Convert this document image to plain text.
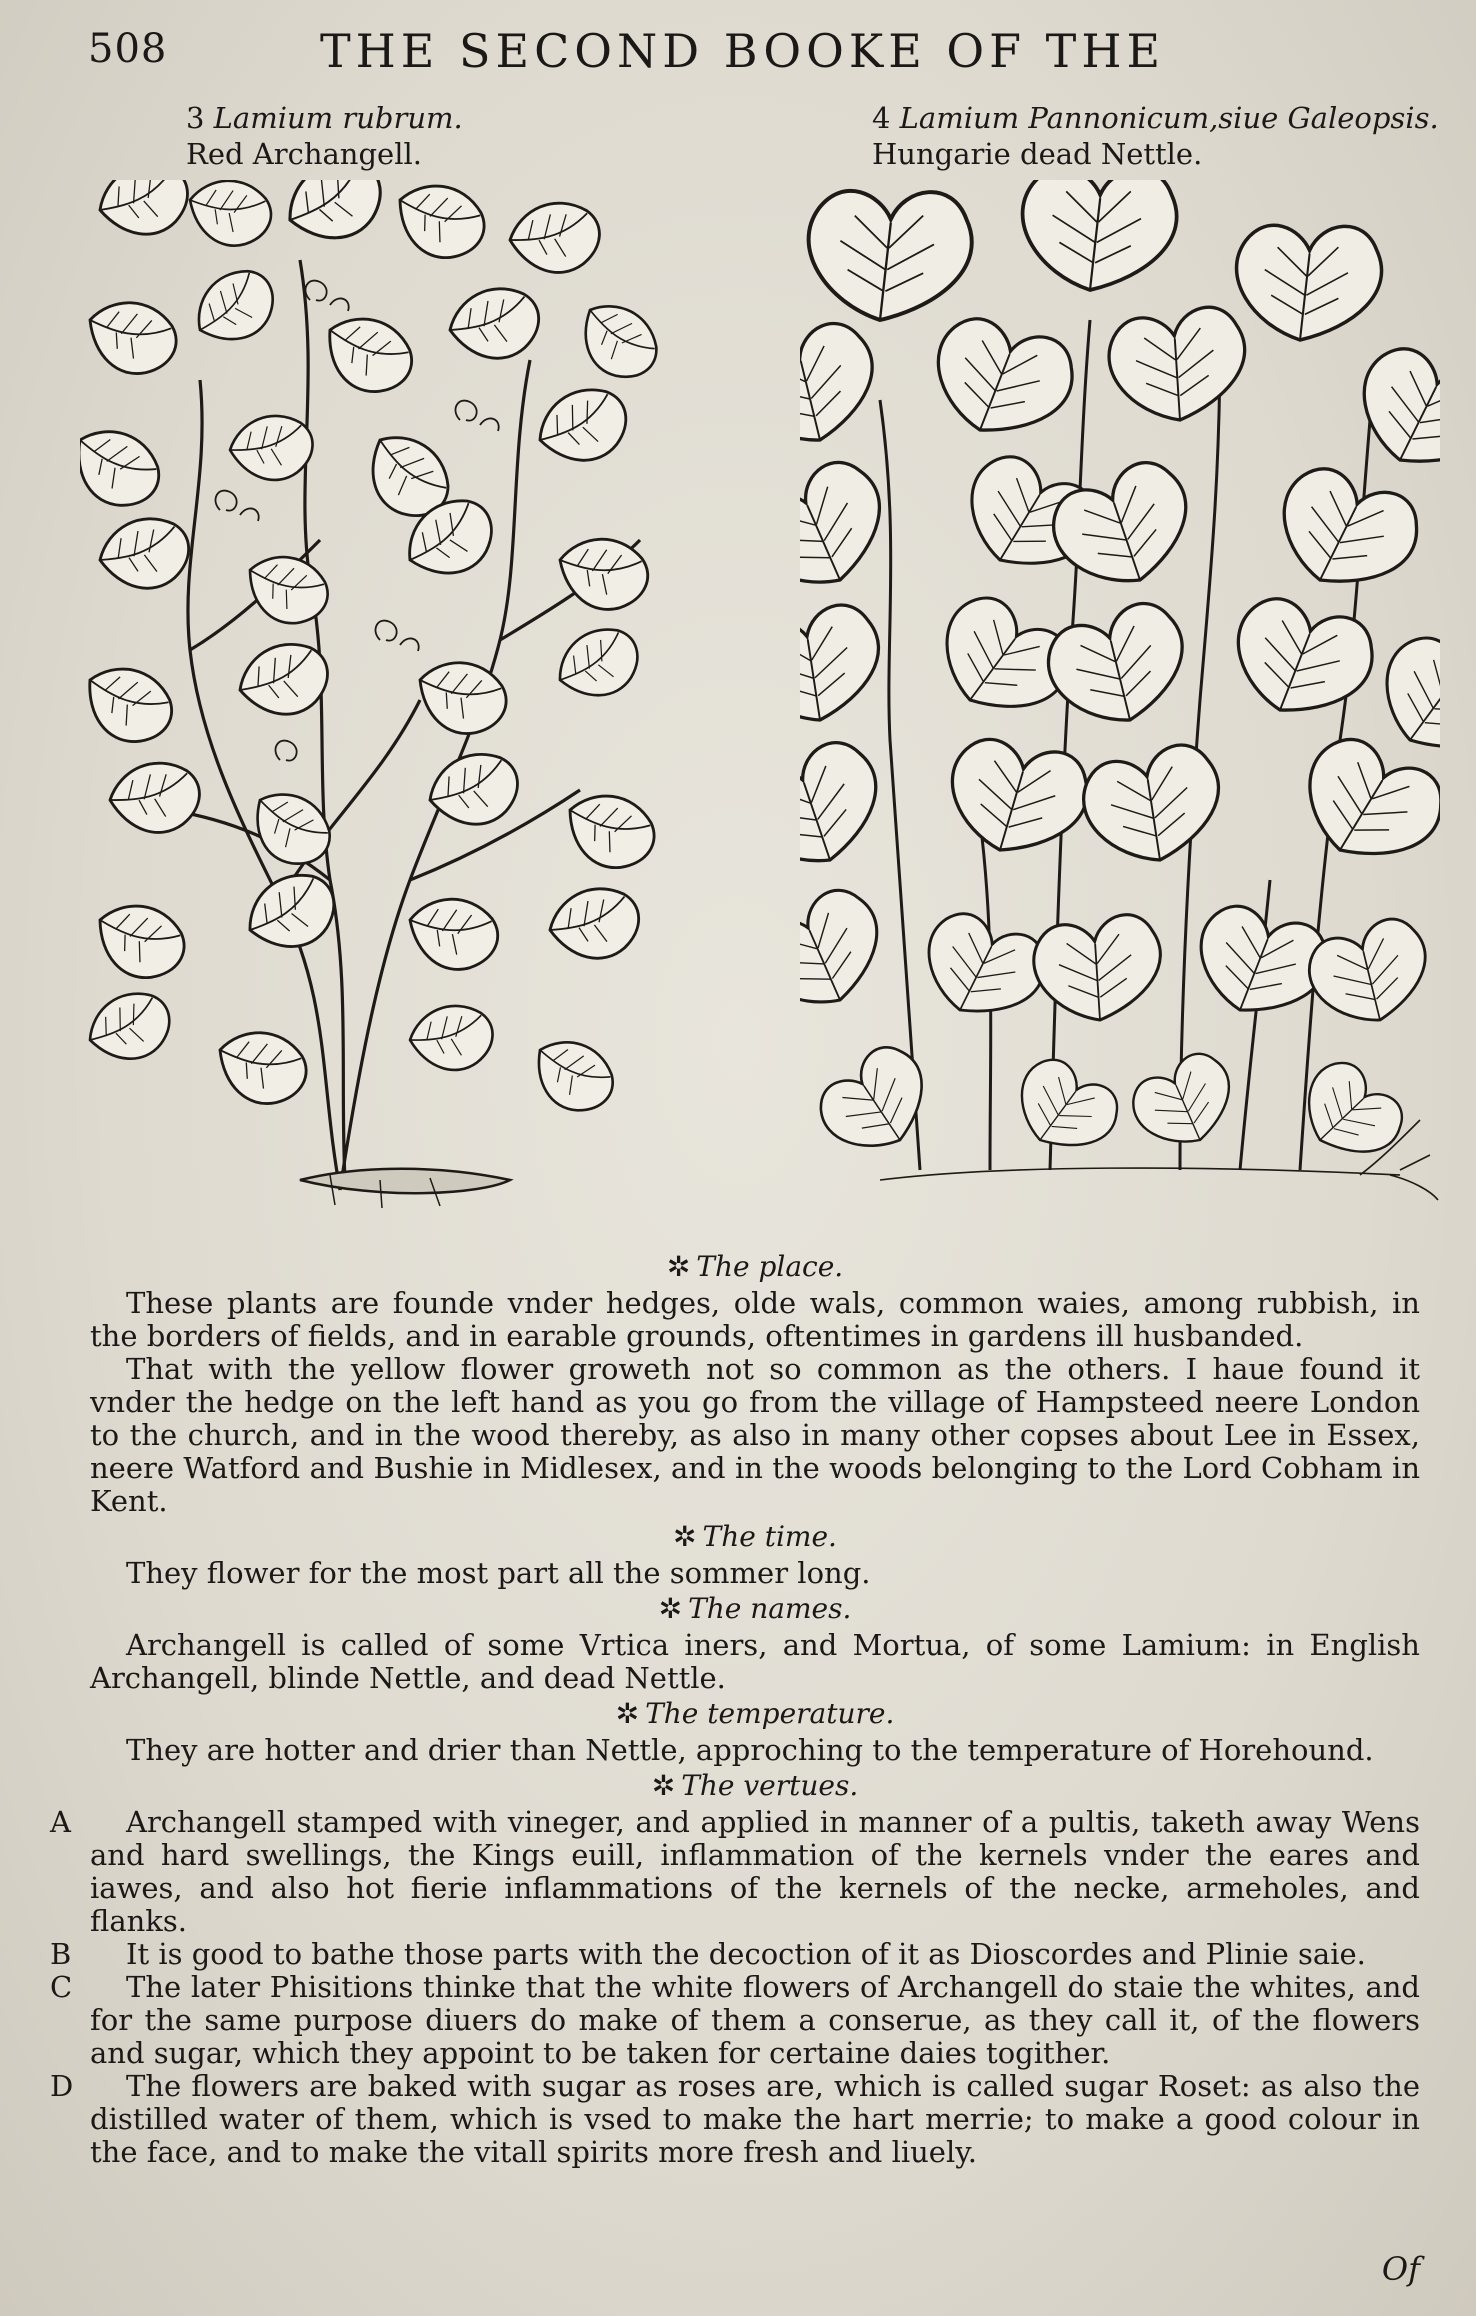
508	THE SECOND BOOKE OF THE
3 Lamium rubrum.
Red Archangell.
4 Lamium Pannonicum,siue Galeopsis.
Hungarie dead Nettle.
✲ The place.

These plants are founde vnder hedges, olde wals, common waies, among rubbish, in the borders of fields, and in earable grounds, oftentimes in gardens ill husbanded.

That with the yellow flower groweth not so common as the others. I haue found it vnder the hedge on the left hand as you go from the village of Hampsteed neere London to the church, and in the wood thereby, as also in many other copses about Lee in Essex, neere Watford and Bushie in Midlesex, and in the woods belonging to the Lord Cobham in Kent.

✲ The time.

They flower for the most part all the sommer long.

✲ The names.

Archangell is called of some Vrtica iners, and Mortua, of some Lamium: in English Archangell, blinde Nettle, and dead Nettle.

✲ The temperature.

They are hotter and drier than Nettle, approching to the temperature of Horehound.

✲ The vertues.

A Archangell stamped with vineger, and applied in manner of a pultis, taketh away Wens and hard swellings, the Kings euill, inflammation of the kernels vnder the eares and iawes, and also hot fierie inflammations of the kernels of the necke, armeholes, and flanks.

B It is good to bathe those parts with the decoction of it as Dioscordes and Plinie saie.

C The later Phisitions thinke that the white flowers of Archangell do staie the whites, and for the same purpose diuers do make of them a conserue, as they call it, of the flowers and sugar, which they appoint to be taken for certaine daies togither.

D The flowers are baked with sugar as roses are, which is called sugar Roset: as also the distilled water of them, which is vsed to make the hart merrie; to make a good colour in the face, and to make the vitall spirits more fresh and liuely.

Of
